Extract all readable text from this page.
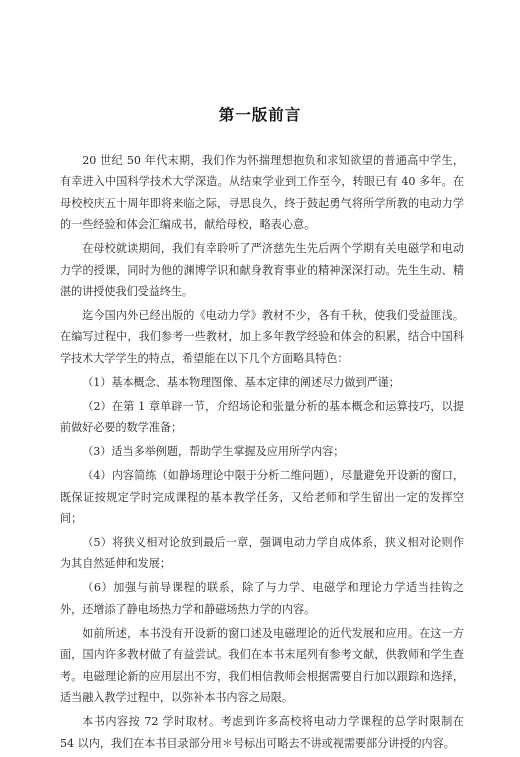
第一版前言

20 世纪 50 年代末期，我们作为怀揣理想抱负和求知欲望的普通高中学生，有幸进入中国科学技术大学深造。从结束学业到工作至今，转眼已有 40 多年。在母校校庆五十周年即将来临之际，寻思良久，终于鼓起勇气将所学所教的电动力学的一些经验和体会汇编成书，献给母校，略表心意。

在母校就读期间，我们有幸聆听了严济慈先生先后两个学期有关电磁学和电动力学的授课，同时为他的渊博学识和献身教育事业的精神深深打动。先生生动、精湛的讲授使我们受益终生。

迄今国内外已经出版的《电动力学》教材不少，各有千秋，使我们受益匪浅。在编写过程中，我们参考一些教材，加上多年教学经验和体会的积累，结合中国科学技术大学学生的特点，希望能在以下几个方面略具特色：

（1）基本概念、基本物理图像、基本定律的阐述尽力做到严谨；

（2）在第 1 章单辟一节，介绍场论和张量分析的基本概念和运算技巧，以提前做好必要的数学准备；

（3）适当多举例题，帮助学生掌握及应用所学内容；

（4）内容简练（如静场理论中限于分析二维问题），尽量避免开设新的窗口，既保证按规定学时完成课程的基本教学任务，又给老师和学生留出一定的发挥空间；

（5）将狭义相对论放到最后一章，强调电动力学自成体系，狭义相对论则作为其自然延伸和发展；

（6）加强与前导课程的联系，除了与力学、电磁学和理论力学适当挂钩之外，还增添了静电场热力学和静磁场热力学的内容。

如前所述，本书没有开设新的窗口述及电磁理论的近代发展和应用。在这一方面，国内许多教材做了有益尝试。我们在本书末尾列有参考文献，供教师和学生查考。电磁理论新的应用层出不穷，我们相信教师会根据需要自行加以跟踪和选择，适当融入教学过程中，以弥补本书内容之局限。

本书内容按 72 学时取材。考虑到许多高校将电动力学课程的总学时限制在 54 以内，我们在本书目录部分用＊号标出可略去不讲或视需要部分讲授的内容。
